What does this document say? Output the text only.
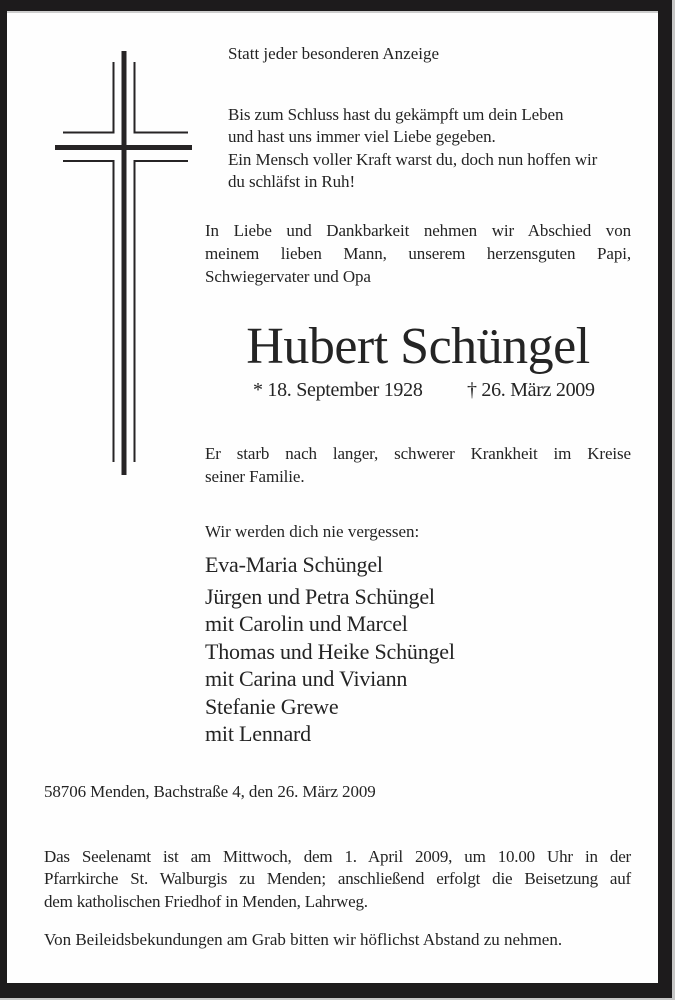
Statt jeder besonderen Anzeige
Bis zum Schluss hast du gekämpft um dein Leben
und hast uns immer viel Liebe gegeben.
Ein Mensch voller Kraft warst du, doch nun hoffen wir
du schläfst in Ruh!
In Liebe und Dankbarkeit nehmen wir Abschied von
meinem lieben Mann, unserem herzensguten Papi,
Schwiegervater und Opa
Hubert Schüngel
* 18. September 1928 † 26. März 2009
Er starb nach langer, schwerer Krankheit im Kreise
seiner Familie.
Wir werden dich nie vergessen:
Eva-Maria Schüngel
Jürgen und Petra Schüngel
mit Carolin und Marcel
Thomas und Heike Schüngel
mit Carina und Viviann
Stefanie Grewe
mit Lennard
58706 Menden, Bachstraße 4, den 26. März 2009
Das Seelenamt ist am Mittwoch, dem 1. April 2009, um 10.00 Uhr in der
Pfarrkirche St. Walburgis zu Menden; anschließend erfolgt die Beisetzung auf
dem katholischen Friedhof in Menden, Lahrweg.
Von Beileidsbekundungen am Grab bitten wir höflichst Abstand zu nehmen.
